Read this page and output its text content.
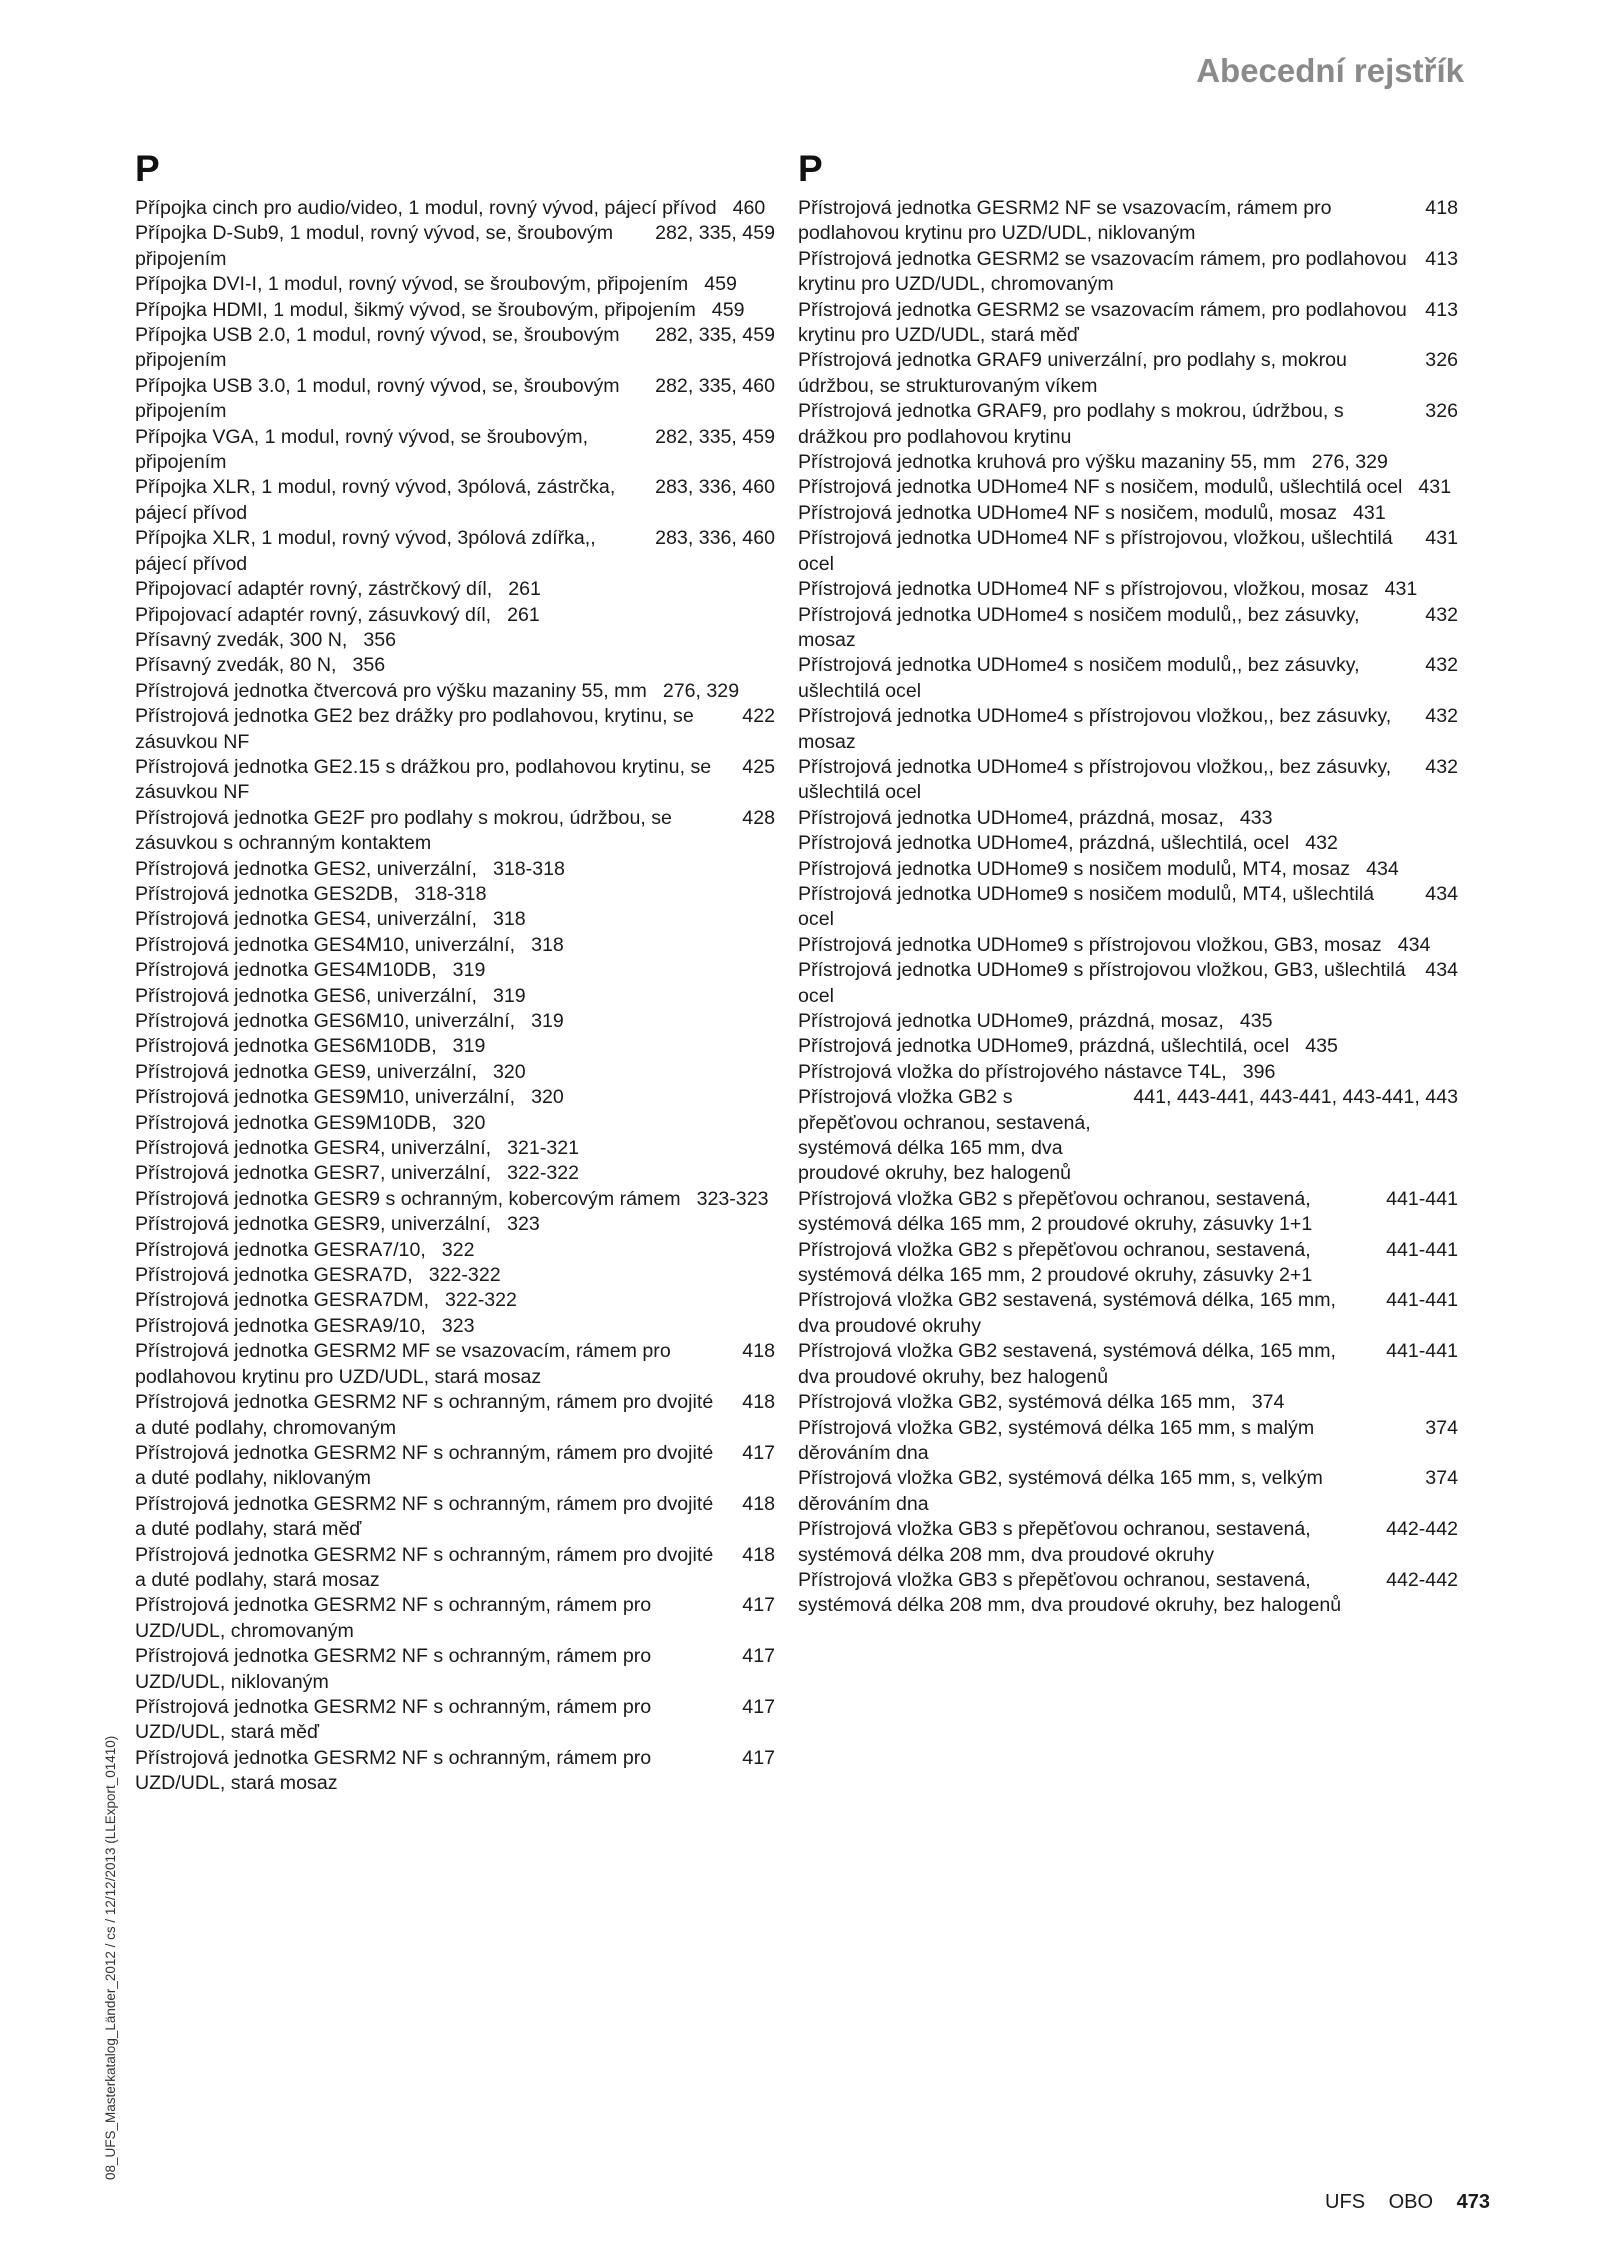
Abecední rejstřík
P
Přípojka cinch pro audio/video, 1 modul, rovný vývod, pájecí přívod 460
Přípojka D-Sub9, 1 modul, rovný vývod, se, šroubovým připojením
282, 335, 459
Přípojka DVI-I, 1 modul, rovný vývod, se šroubovým, připojením 459
Přípojka HDMI, 1 modul, šikmý vývod, se šroubovým, připojením 459
Přípojka USB 2.0, 1 modul, rovný vývod, se, šroubovým připojením
282, 335, 459
Přípojka USB 3.0, 1 modul, rovný vývod, se, šroubovým připojením
282, 335, 460
Přípojka VGA, 1 modul, rovný vývod, se šroubovým, připojením
282, 335, 459
Přípojka XLR, 1 modul, rovný vývod, 3pólová, zástrčka, pájecí přívod
283, 336, 460
Přípojka XLR, 1 modul, rovný vývod, 3pólová zdířka,, pájecí přívod
283, 336, 460
Připojovací adaptér rovný, zástrčkový díl, 261
Připojovací adaptér rovný, zásuvkový díl, 261
Přísavný zvedák, 300 N, 356
Přísavný zvedák, 80 N, 356
Přístrojová jednotka čtvercová pro výšku mazaniny 55, mm 276, 329
Přístrojová jednotka GE2 bez drážky pro podlahovou, krytinu, se zásuvkou NF
422
Přístrojová jednotka GE2.15 s drážkou pro, podlahovou krytinu, se zásuvkou NF
425
Přístrojová jednotka GE2F pro podlahy s mokrou, údržbou, se zásuvkou s ochranným kontaktem
428
Přístrojová jednotka GES2, univerzální, 318-318
Přístrojová jednotka GES2DB, 318-318
Přístrojová jednotka GES4, univerzální, 318
Přístrojová jednotka GES4M10, univerzální, 318
Přístrojová jednotka GES4M10DB, 319
Přístrojová jednotka GES6, univerzální, 319
Přístrojová jednotka GES6M10, univerzální, 319
Přístrojová jednotka GES6M10DB, 319
Přístrojová jednotka GES9, univerzální, 320
Přístrojová jednotka GES9M10, univerzální, 320
Přístrojová jednotka GES9M10DB, 320
Přístrojová jednotka GESR4, univerzální, 321-321
Přístrojová jednotka GESR7, univerzální, 322-322
Přístrojová jednotka GESR9 s ochranným, kobercovým rámem 323-323
Přístrojová jednotka GESR9, univerzální, 323
Přístrojová jednotka GESRA7/10, 322
Přístrojová jednotka GESRA7D, 322-322
Přístrojová jednotka GESRA7DM, 322-322
Přístrojová jednotka GESRA9/10, 323
Přístrojová jednotka GESRM2 MF se vsazovacím, rámem pro podlahovou krytinu pro UZD/UDL, stará mosaz
418
Přístrojová jednotka GESRM2 NF s ochranným, rámem pro dvojité a duté podlahy, chromovaným
418
Přístrojová jednotka GESRM2 NF s ochranným, rámem pro dvojité a duté podlahy, niklovaným
417
Přístrojová jednotka GESRM2 NF s ochranným, rámem pro dvojité a duté podlahy, stará měď
418
Přístrojová jednotka GESRM2 NF s ochranným, rámem pro dvojité a duté podlahy, stará mosaz
418
Přístrojová jednotka GESRM2 NF s ochranným, rámem pro UZD/UDL, chromovaným
417
Přístrojová jednotka GESRM2 NF s ochranným, rámem pro UZD/UDL, niklovaným
417
Přístrojová jednotka GESRM2 NF s ochranným, rámem pro UZD/UDL, stará měď
417
Přístrojová jednotka GESRM2 NF s ochranným, rámem pro UZD/UDL, stará mosaz
417
P
Přístrojová jednotka GESRM2 NF se vsazovacím, rámem pro podlahovou krytinu pro UZD/UDL, niklovaným
418
Přístrojová jednotka GESRM2 se vsazovacím rámem, pro podlahovou krytinu pro UZD/UDL, chromovaným
413
Přístrojová jednotka GESRM2 se vsazovacím rámem, pro podlahovou krytinu pro UZD/UDL, stará měď
413
Přístrojová jednotka GRAF9 univerzální, pro podlahy s, mokrou údržbou, se strukturovaným víkem
326
Přístrojová jednotka GRAF9, pro podlahy s mokrou, údržbou, s drážkou pro podlahovou krytinu
326
Přístrojová jednotka kruhová pro výšku mazaniny 55, mm 276, 329
Přístrojová jednotka UDHome4 NF s nosičem, modulů, ušlechtilá ocel 431
Přístrojová jednotka UDHome4 NF s nosičem, modulů, mosaz 431
Přístrojová jednotka UDHome4 NF s přístrojovou, vložkou, ušlechtilá ocel
431
Přístrojová jednotka UDHome4 NF s přístrojovou, vložkou, mosaz 431
Přístrojová jednotka UDHome4 s nosičem modulů,, bez zásuvky, mosaz
432
Přístrojová jednotka UDHome4 s nosičem modulů,, bez zásuvky, ušlechtilá ocel
432
Přístrojová jednotka UDHome4 s přístrojovou vložkou,, bez zásuvky, mosaz
432
Přístrojová jednotka UDHome4 s přístrojovou vložkou,, bez zásuvky, ušlechtilá ocel
432
Přístrojová jednotka UDHome4, prázdná, mosaz, 433
Přístrojová jednotka UDHome4, prázdná, ušlechtilá, ocel 432
Přístrojová jednotka UDHome9 s nosičem modulů, MT4, mosaz 434
Přístrojová jednotka UDHome9 s nosičem modulů, MT4, ušlechtilá ocel
434
Přístrojová jednotka UDHome9 s přístrojovou vložkou, GB3, mosaz 434
Přístrojová jednotka UDHome9 s přístrojovou vložkou, GB3, ušlechtilá ocel
434
Přístrojová jednotka UDHome9, prázdná, mosaz, 435
Přístrojová jednotka UDHome9, prázdná, ušlechtilá, ocel 435
Přístrojová vložka do přístrojového nástavce T4L, 396
Přístrojová vložka GB2 s přepěťovou ochranou, sestavená, systémová délka 165 mm, dva proudové okruhy, bez halogenů
441, 443-441, 443-441, 443-441, 443
Přístrojová vložka GB2 s přepěťovou ochranou, sestavená, systémová délka 165 mm, 2 proudové okruhy, zásuvky 1+1
441-441
Přístrojová vložka GB2 s přepěťovou ochranou, sestavená, systémová délka 165 mm, 2 proudové okruhy, zásuvky 2+1
441-441
Přístrojová vložka GB2 sestavená, systémová délka, 165 mm, dva proudové okruhy
441-441
Přístrojová vložka GB2 sestavená, systémová délka, 165 mm, dva proudové okruhy, bez halogenů
441-441
Přístrojová vložka GB2, systémová délka 165 mm, 374
Přístrojová vložka GB2, systémová délka 165 mm, s malým děrováním dna
374
Přístrojová vložka GB2, systémová délka 165 mm, s, velkým děrováním dna
374
Přístrojová vložka GB3 s přepěťovou ochranou, sestavená, systémová délka 208 mm, dva proudové okruhy
442-442
Přístrojová vložka GB3 s přepěťovou ochranou, sestavená, systémová délka 208 mm, dva proudové okruhy, bez halogenů
442-442
08_UFS_Masterkatalog_Länder_2012 / cs / 12/12/2013 (LLExport_01410)
UFS OBO 473
